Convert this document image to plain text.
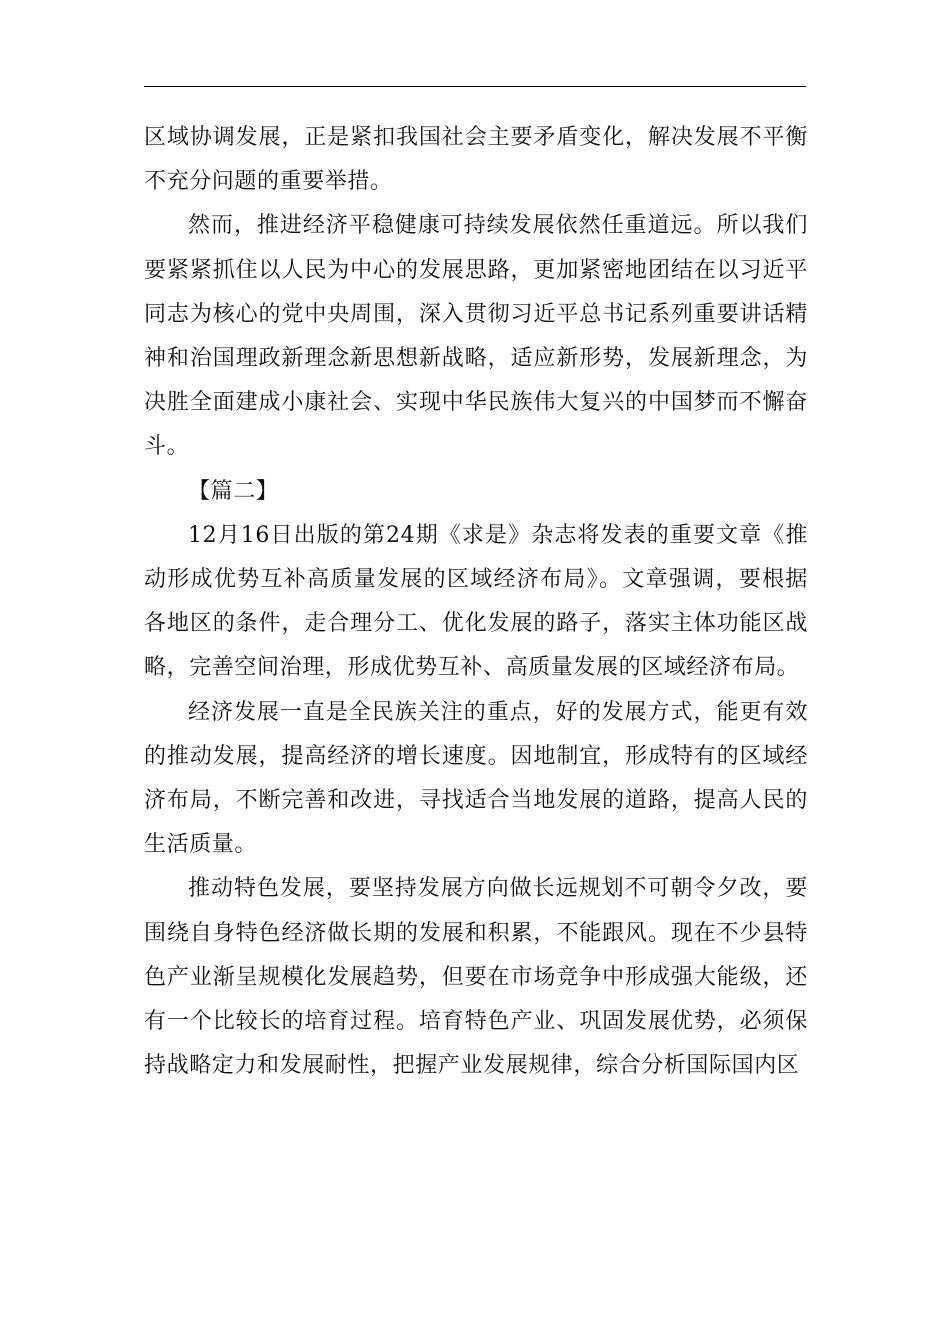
区域协调发展，正是紧扣我国社会主要矛盾变化，解决发展不平衡不充分问题的重要举措。

然而，推进经济平稳健康可持续发展依然任重道远。所以我们要紧紧抓住以人民为中心的发展思路，更加紧密地团结在以习近平同志为核心的党中央周围，深入贯彻习近平总书记系列重要讲话精神和治国理政新理念新思想新战略，适应新形势，发展新理念，为决胜全面建成小康社会、实现中华民族伟大复兴的中国梦而不懈奋斗。

【篇二】

12月16日出版的第24期《求是》杂志将发表的重要文章《推动形成优势互补高质量发展的区域经济布局》。文章强调，要根据各地区的条件，走合理分工、优化发展的路子，落实主体功能区战略，完善空间治理，形成优势互补、高质量发展的区域经济布局。

经济发展一直是全民族关注的重点，好的发展方式，能更有效的推动发展，提高经济的增长速度。因地制宜，形成特有的区域经济布局，不断完善和改进，寻找适合当地发展的道路，提高人民的生活质量。

推动特色发展，要坚持发展方向做长远规划不可朝令夕改，要围绕自身特色经济做长期的发展和积累，不能跟风。现在不少县特色产业渐呈规模化发展趋势，但要在市场竞争中形成强大能级，还有一个比较长的培育过程。培育特色产业、巩固发展优势，必须保持战略定力和发展耐性，把握产业发展规律，综合分析国际国内区
